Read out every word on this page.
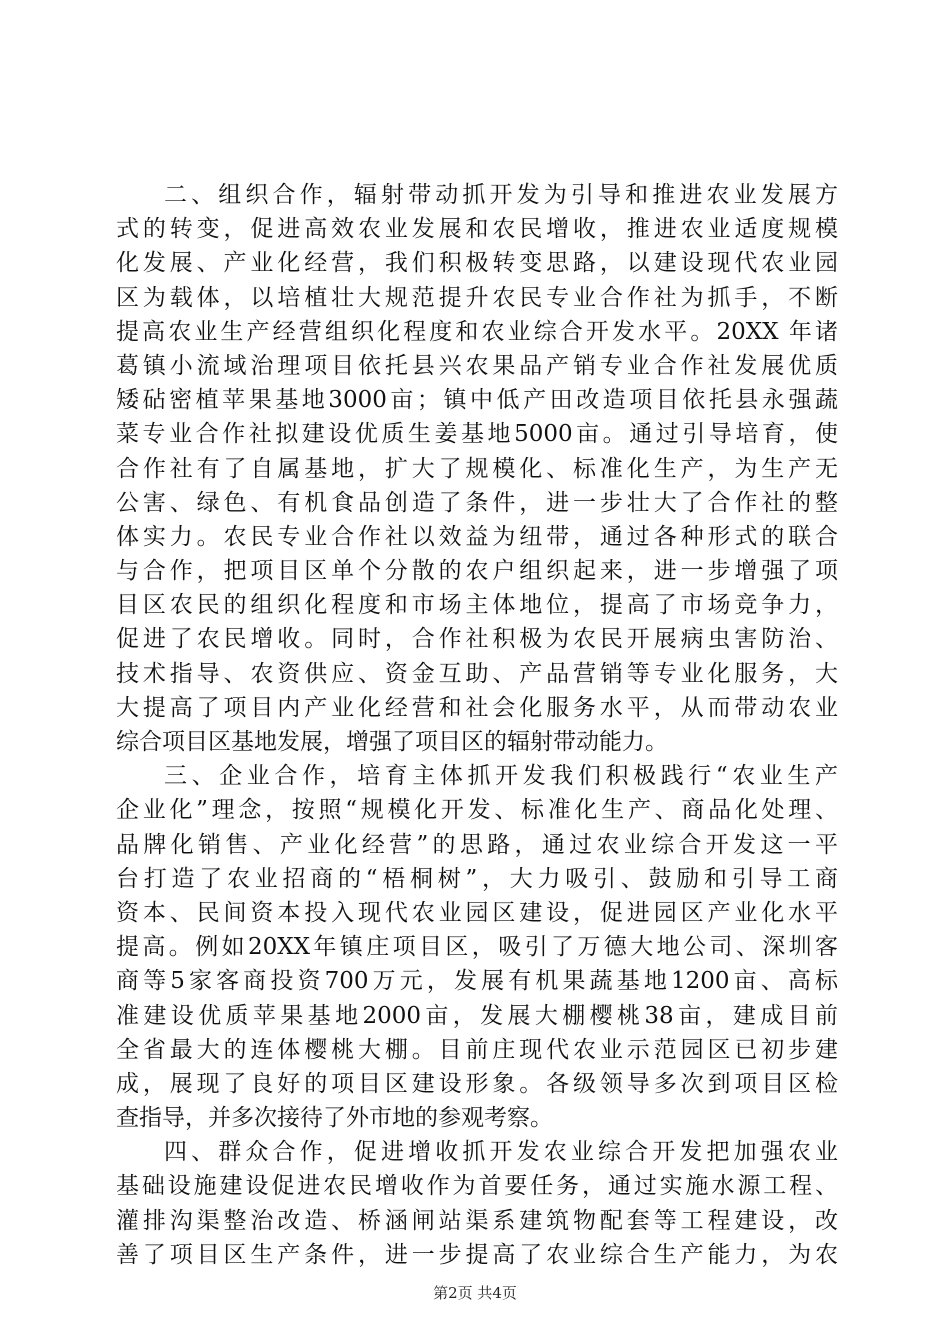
二、组织合作，辐射带动抓开发为引导和推进农业发展方
式的转变，促进高效农业发展和农民增收，推进农业适度规模
化发展、产业化经营，我们积极转变思路，以建设现代农业园
区为载体，以培植壮大规范提升农民专业合作社为抓手，不断
提高农业生产经营组织化程度和农业综合开发水平。20XX 年诸
葛镇小流域治理项目依托县兴农果品产销专业合作社发展优质
矮砧密植苹果基地3000亩；镇中低产田改造项目依托县永强蔬
菜专业合作社拟建设优质生姜基地5000亩。通过引导培育，使
合作社有了自属基地，扩大了规模化、标准化生产，为生产无
公害、绿色、有机食品创造了条件，进一步壮大了合作社的整
体实力。农民专业合作社以效益为纽带，通过各种形式的联合
与合作，把项目区单个分散的农户组织起来，进一步增强了项
目区农民的组织化程度和市场主体地位，提高了市场竞争力，
促进了农民增收。同时，合作社积极为农民开展病虫害防治、
技术指导、农资供应、资金互助、产品营销等专业化服务，大
大提高了项目内产业化经营和社会化服务水平，从而带动农业
综合项目区基地发展，增强了项目区的辐射带动能力。
三、企业合作，培育主体抓开发我们积极践行“农业生产
企业化”理念，按照“规模化开发、标准化生产、商品化处理、
品牌化销售、产业化经营”的思路，通过农业综合开发这一平
台打造了农业招商的“梧桐树”，大力吸引、鼓励和引导工商
资本、民间资本投入现代农业园区建设，促进园区产业化水平
提高。例如20XX年镇庄项目区，吸引了万德大地公司、深圳客
商等5家客商投资700万元，发展有机果蔬基地1200亩、高标
准建设优质苹果基地2000亩，发展大棚樱桃38亩，建成目前
全省最大的连体樱桃大棚。目前庄现代农业示范园区已初步建
成，展现了良好的项目区建设形象。各级领导多次到项目区检
查指导，并多次接待了外市地的参观考察。
四、群众合作，促进增收抓开发农业综合开发把加强农业
基础设施建设促进农民增收作为首要任务，通过实施水源工程、
灌排沟渠整治改造、桥涵闸站渠系建筑物配套等工程建设，改
善了项目区生产条件，进一步提高了农业综合生产能力，为农
第2页 共4页
